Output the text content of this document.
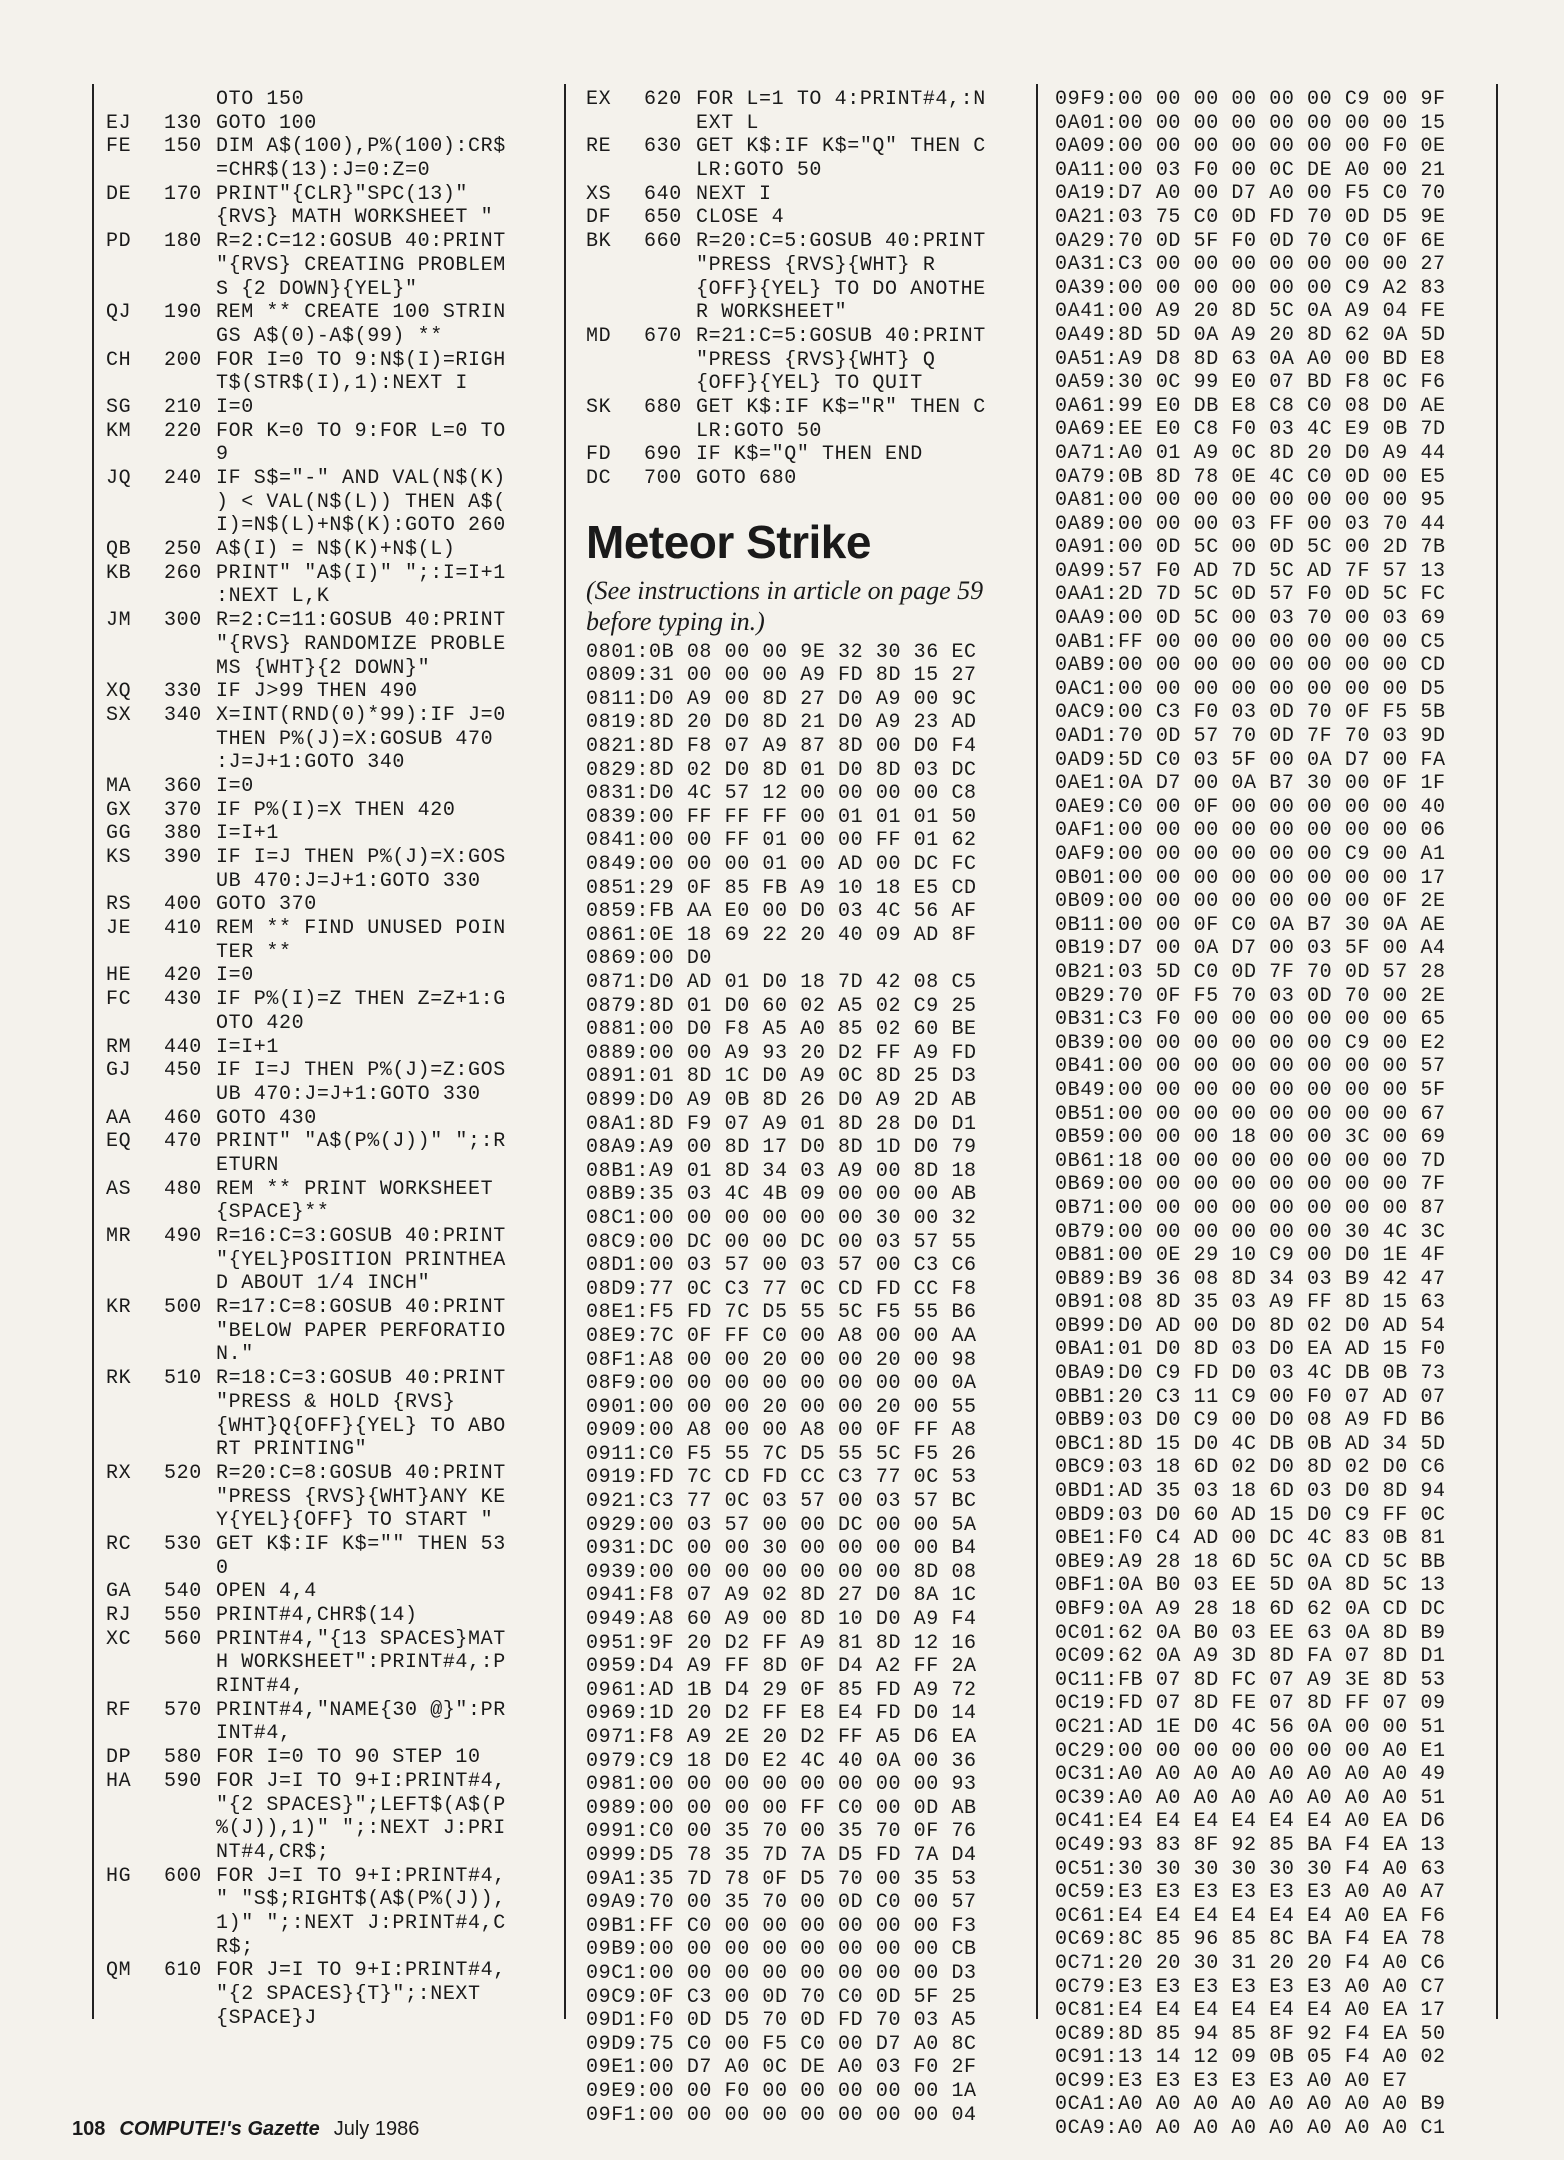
OTO 150
EJ	130 GOTO 100
FE	150 DIM A$(100),P%(100):CR$
=CHR$(13):J=0:Z=0
DE	170 PRINT"{CLR}"SPC(13)"
{RVS} MATH WORKSHEET "
PD	180 R=2:C=12:GOSUB 40:PRINT
"{RVS} CREATING PROBLEM
S {2 DOWN}{YEL}"
QJ	190 REM ** CREATE 100 STRIN
GS A$(0)-A$(99) **
CH	200 FOR I=0 TO 9:N$(I)=RIGH
T$(STR$(I),1):NEXT I
SG	210 I=0
KM	220 FOR K=0 TO 9:FOR L=0 TO
9
JQ	240 IF S$="-" AND VAL(N$(K)
) < VAL(N$(L)) THEN A$(
I)=N$(L)+N$(K):GOTO 260
QB	250 A$(I) = N$(K)+N$(L)
KB	260 PRINT" "A$(I)" ";:I=I+1
:NEXT L,K
JM	300 R=2:C=11:GOSUB 40:PRINT
"{RVS} RANDOMIZE PROBLE
MS {WHT}{2 DOWN}"
XQ	330 IF J>99 THEN 490
SX	340 X=INT(RND(0)*99):IF J=0
THEN P%(J)=X:GOSUB 470
:J=J+1:GOTO 340
MA	360 I=0
GX	370 IF P%(I)=X THEN 420
GG	380 I=I+1
KS	390 IF I=J THEN P%(J)=X:GOS
UB 470:J=J+1:GOTO 330
RS	400 GOTO 370
JE	410 REM ** FIND UNUSED POIN
TER **
HE	420 I=0
FC	430 IF P%(I)=Z THEN Z=Z+1:G
OTO 420
RM	440 I=I+1
GJ	450 IF I=J THEN P%(J)=Z:GOS
UB 470:J=J+1:GOTO 330
AA	460 GOTO 430
EQ	470 PRINT" "A$(P%(J))" ";:R
ETURN
AS	480 REM ** PRINT WORKSHEET
{SPACE}**
MR	490 R=16:C=3:GOSUB 40:PRINT
"{YEL}POSITION PRINTHEA
D ABOUT 1/4 INCH"
KR	500 R=17:C=8:GOSUB 40:PRINT
"BELOW PAPER PERFORATIO
N."
RK	510 R=18:C=3:GOSUB 40:PRINT
"PRESS & HOLD {RVS}
{WHT}Q{OFF}{YEL} TO ABO
RT PRINTING"
RX	520 R=20:C=8:GOSUB 40:PRINT
"PRESS {RVS}{WHT}ANY KE
Y{YEL}{OFF} TO START "
RC	530 GET K$:IF K$="" THEN 53
0
GA	540 OPEN 4,4
RJ	550 PRINT#4,CHR$(14)
XC	560 PRINT#4,"{13 SPACES}MAT
H WORKSHEET":PRINT#4,:P
RINT#4,
RF	570 PRINT#4,"NAME{30 @}":PR
INT#4,
DP	580 FOR I=0 TO 90 STEP 10
HA	590 FOR J=I TO 9+I:PRINT#4,
"{2 SPACES}";LEFT$(A$(P
%(J)),1)" ";:NEXT J:PRI
NT#4,CR$;
HG	600 FOR J=I TO 9+I:PRINT#4,
" "S$;RIGHT$(A$(P%(J)),
1)" ";:NEXT J:PRINT#4,C
R$;
QM	610 FOR J=I TO 9+I:PRINT#4,
"{2 SPACES}{T}";:NEXT
{SPACE}J
EX	620 FOR L=1 TO 4:PRINT#4,:N
EXT L
RE	630 GET K$:IF K$="Q" THEN C
LR:GOTO 50
XS	640 NEXT I
DF	650 CLOSE 4
BK	660 R=20:C=5:GOSUB 40:PRINT
"PRESS {RVS}{WHT} R
{OFF}{YEL} TO DO ANOTHE
R WORKSHEET"
MD	670 R=21:C=5:GOSUB 40:PRINT
"PRESS {RVS}{WHT} Q
{OFF}{YEL} TO QUIT
SK	680 GET K$:IF K$="R" THEN C
LR:GOTO 50
FD	690 IF K$="Q" THEN END
DC	700 GOTO 680
Meteor Strike
(See instructions in article on page 59 before typing in.)
0801:0B 08 00 00 9E 32 30 36 EC
0809:31 00 00 00 A9 FD 8D 15 27
0811:D0 A9 00 8D 27 D0 A9 00 9C
0819:8D 20 D0 8D 21 D0 A9 23 AD
0821:8D F8 07 A9 87 8D 00 D0 F4
0829:8D 02 D0 8D 01 D0 8D 03 DC
0831:D0 4C 57 12 00 00 00 00 C8
0839:00 FF FF FF 00 01 01 01 50
0841:00 00 FF 01 00 00 FF 01 62
0849:00 00 00 01 00 AD 00 DC FC
0851:29 0F 85 FB A9 10 18 E5 CD
0859:FB AA E0 00 D0 03 4C 56 AF
0861:0E 18 69 22 20 40 09 AD 8F
0869:00 D0
0871:D0 AD 01 D0 18 7D 42 08 C5
0879:8D 01 D0 60 02 A5 02 C9 25
0881:00 D0 F8 A5 A0 85 02 60 BE
0889:00 00 A9 93 20 D2 FF A9 FD
0891:01 8D 1C D0 A9 0C 8D 25 D3
0899:D0 A9 0B 8D 26 D0 A9 2D AB
08A1:8D F9 07 A9 01 8D 28 D0 D1
08A9:A9 00 8D 17 D0 8D 1D D0 79
08B1:A9 01 8D 34 03 A9 00 8D 18
08B9:35 03 4C 4B 09 00 00 00 AB
08C1:00 00 00 00 00 00 30 00 32
08C9:00 DC 00 00 DC 00 03 57 55
08D1:00 03 57 00 03 57 00 C3 C6
08D9:77 0C C3 77 0C CD FD CC F8
08E1:F5 FD 7C D5 55 5C F5 55 B6
08E9:7C 0F FF C0 00 A8 00 00 AA
08F1:A8 00 00 20 00 00 20 00 98
08F9:00 00 00 00 00 00 00 00 0A
0901:00 00 00 20 00 00 20 00 55
0909:00 A8 00 00 A8 00 0F FF A8
0911:C0 F5 55 7C D5 55 5C F5 26
0919:FD 7C CD FD CC C3 77 0C 53
0921:C3 77 0C 03 57 00 03 57 BC
0929:00 03 57 00 00 DC 00 00 5A
0931:DC 00 00 30 00 00 00 00 B4
0939:00 00 00 00 00 00 00 8D 08
0941:F8 07 A9 02 8D 27 D0 8A 1C
0949:A8 60 A9 00 8D 10 D0 A9 F4
0951:9F 20 D2 FF A9 81 8D 12 16
0959:D4 A9 FF 8D 0F D4 A2 FF 2A
0961:AD 1B D4 29 0F 85 FD A9 72
0969:1D 20 D2 FF E8 E4 FD D0 14
0971:F8 A9 2E 20 D2 FF A5 D6 EA
0979:C9 18 D0 E2 4C 40 0A 00 36
0981:00 00 00 00 00 00 00 00 93
0989:00 00 00 00 FF C0 00 0D AB
0991:C0 00 35 70 00 35 70 0F 76
0999:D5 78 35 7D 7A D5 FD 7A D4
09A1:35 7D 78 0F D5 70 00 35 53
09A9:70 00 35 70 00 0D C0 00 57
09B1:FF C0 00 00 00 00 00 00 F3
09B9:00 00 00 00 00 00 00 00 CB
09C1:00 00 00 00 00 00 00 00 D3
09C9:0F C3 00 0D 70 C0 0D 5F 25
09D1:F0 0D D5 70 0D FD 70 03 A5
09D9:75 C0 00 F5 C0 00 D7 A0 8C
09E1:00 D7 A0 0C DE A0 03 F0 2F
09E9:00 00 F0 00 00 00 00 00 1A
09F1:00 00 00 00 00 00 00 00 04
09F9:00 00 00 00 00 00 C9 00 9F
0A01:00 00 00 00 00 00 00 00 15
0A09:00 00 00 00 00 00 00 F0 0E
0A11:00 03 F0 00 0C DE A0 00 21
0A19:D7 A0 00 D7 A0 00 F5 C0 70
0A21:03 75 C0 0D FD 70 0D D5 9E
0A29:70 0D 5F F0 0D 70 C0 0F 6E
0A31:C3 00 00 00 00 00 00 00 27
0A39:00 00 00 00 00 00 C9 A2 83
0A41:00 A9 20 8D 5C 0A A9 04 FE
0A49:8D 5D 0A A9 20 8D 62 0A 5D
0A51:A9 D8 8D 63 0A A0 00 BD E8
0A59:30 0C 99 E0 07 BD F8 0C F6
0A61:99 E0 DB E8 C8 C0 08 D0 AE
0A69:EE E0 C8 F0 03 4C E9 0B 7D
0A71:A0 01 A9 0C 8D 20 D0 A9 44
0A79:0B 8D 78 0E 4C C0 0D 00 E5
0A81:00 00 00 00 00 00 00 00 95
0A89:00 00 00 03 FF 00 03 70 44
0A91:00 0D 5C 00 0D 5C 00 2D 7B
0A99:57 F0 AD 7D 5C AD 7F 57 13
0AA1:2D 7D 5C 0D 57 F0 0D 5C FC
0AA9:00 0D 5C 00 03 70 00 03 69
0AB1:FF 00 00 00 00 00 00 00 C5
0AB9:00 00 00 00 00 00 00 00 CD
0AC1:00 00 00 00 00 00 00 00 D5
0AC9:00 C3 F0 03 0D 70 0F F5 5B
0AD1:70 0D 57 70 0D 7F 70 03 9D
0AD9:5D C0 03 5F 00 0A D7 00 FA
0AE1:0A D7 00 0A B7 30 00 0F 1F
0AE9:C0 00 0F 00 00 00 00 00 40
0AF1:00 00 00 00 00 00 00 00 06
0AF9:00 00 00 00 00 00 C9 00 A1
0B01:00 00 00 00 00 00 00 00 17
0B09:00 00 00 00 00 00 00 0F 2E
0B11:00 00 0F C0 0A B7 30 0A AE
0B19:D7 00 0A D7 00 03 5F 00 A4
0B21:03 5D C0 0D 7F 70 0D 57 28
0B29:70 0F F5 70 03 0D 70 00 2E
0B31:C3 F0 00 00 00 00 00 00 65
0B39:00 00 00 00 00 00 C9 00 E2
0B41:00 00 00 00 00 00 00 00 57
0B49:00 00 00 00 00 00 00 00 5F
0B51:00 00 00 00 00 00 00 00 67
0B59:00 00 00 18 00 00 3C 00 69
0B61:18 00 00 00 00 00 00 00 7D
0B69:00 00 00 00 00 00 00 00 7F
0B71:00 00 00 00 00 00 00 00 87
0B79:00 00 00 00 00 00 30 4C 3C
0B81:00 0E 29 10 C9 00 D0 1E 4F
0B89:B9 36 08 8D 34 03 B9 42 47
0B91:08 8D 35 03 A9 FF 8D 15 63
0B99:D0 AD 00 D0 8D 02 D0 AD 54
0BA1:01 D0 8D 03 D0 EA AD 15 F0
0BA9:D0 C9 FD D0 03 4C DB 0B 73
0BB1:20 C3 11 C9 00 F0 07 AD 07
0BB9:03 D0 C9 00 D0 08 A9 FD B6
0BC1:8D 15 D0 4C DB 0B AD 34 5D
0BC9:03 18 6D 02 D0 8D 02 D0 C6
0BD1:AD 35 03 18 6D 03 D0 8D 94
0BD9:03 D0 60 AD 15 D0 C9 FF 0C
0BE1:F0 C4 AD 00 DC 4C 83 0B 81
0BE9:A9 28 18 6D 5C 0A CD 5C BB
0BF1:0A B0 03 EE 5D 0A 8D 5C 13
0BF9:0A A9 28 18 6D 62 0A CD DC
0C01:62 0A B0 03 EE 63 0A 8D B9
0C09:62 0A A9 3D 8D FA 07 8D D1
0C11:FB 07 8D FC 07 A9 3E 8D 53
0C19:FD 07 8D FE 07 8D FF 07 09
0C21:AD 1E D0 4C 56 0A 00 00 51
0C29:00 00 00 00 00 00 00 A0 E1
0C31:A0 A0 A0 A0 A0 A0 A0 A0 49
0C39:A0 A0 A0 A0 A0 A0 A0 A0 51
0C41:E4 E4 E4 E4 E4 E4 A0 EA D6
0C49:93 83 8F 92 85 BA F4 EA 13
0C51:30 30 30 30 30 30 F4 A0 63
0C59:E3 E3 E3 E3 E3 E3 A0 A0 A7
0C61:E4 E4 E4 E4 E4 E4 A0 EA F6
0C69:8C 85 96 85 8C BA F4 EA 78
0C71:20 20 30 31 20 20 F4 A0 C6
0C79:E3 E3 E3 E3 E3 E3 A0 A0 C7
0C81:E4 E4 E4 E4 E4 E4 A0 EA 17
0C89:8D 85 94 85 8F 92 F4 EA 50
0C91:13 14 12 09 0B 05 F4 A0 02
0C99:E3 E3 E3 E3 E3 A0 A0 E7
0CA1:A0 A0 A0 A0 A0 A0 A0 A0 B9
0CA9:A0 A0 A0 A0 A0 A0 A0 A0 C1
108 COMPUTE!'s Gazette July 1986
